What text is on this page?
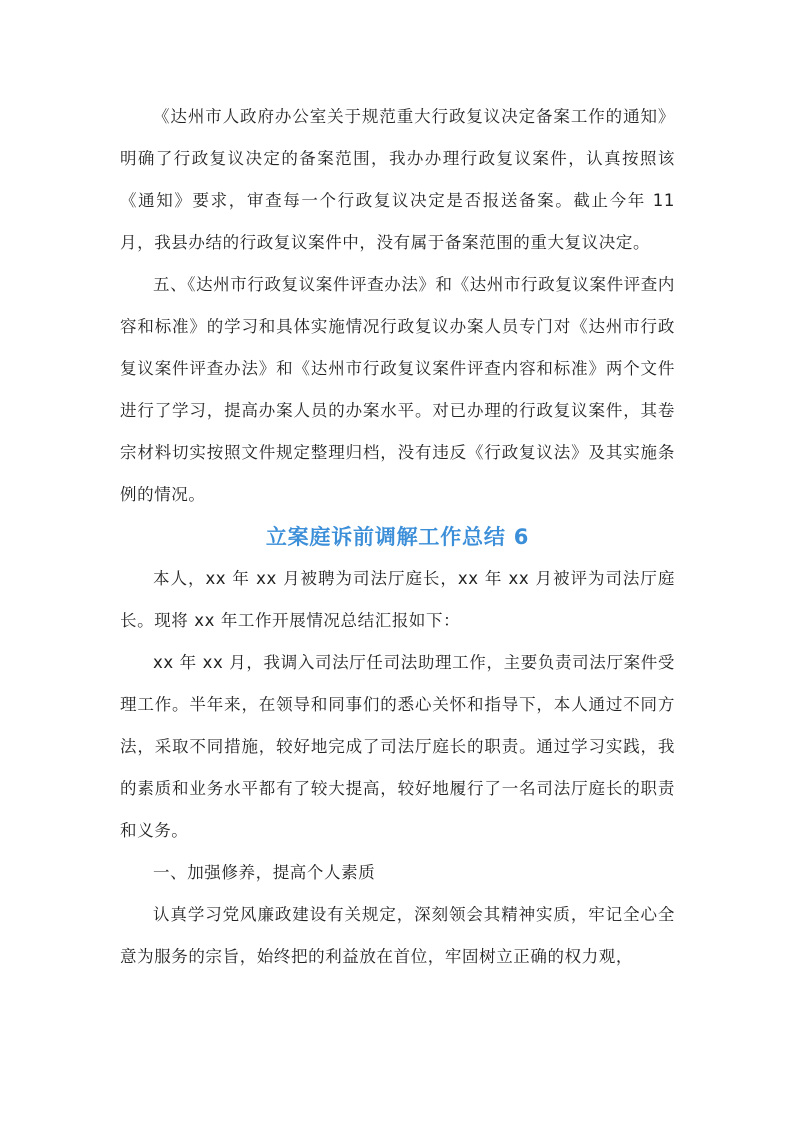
《达州市人政府办公室关于规范重大行政复议决定备案工作的通知》明确了行政复议决定的备案范围，我办办理行政复议案件，认真按照该《通知》要求，审查每一个行政复议决定是否报送备案。截止今年 11 月，我县办结的行政复议案件中，没有属于备案范围的重大复议决定。

五、《达州市行政复议案件评查办法》和《达州市行政复议案件评查内容和标准》的学习和具体实施情况行政复议办案人员专门对《达州市行政复议案件评查办法》和《达州市行政复议案件评查内容和标准》两个文件进行了学习，提高办案人员的办案水平。对已办理的行政复议案件，其卷宗材料切实按照文件规定整理归档，没有违反《行政复议法》及其实施条例的情况。

立案庭诉前调解工作总结 6

本人，xx 年 xx 月被聘为司法厅庭长，xx 年 xx 月被评为司法厅庭长。现将 xx 年工作开展情况总结汇报如下：

xx 年 xx 月，我调入司法厅任司法助理工作，主要负责司法厅案件受理工作。半年来，在领导和同事们的悉心关怀和指导下，本人通过不同方法，采取不同措施，较好地完成了司法厅庭长的职责。通过学习实践，我的素质和业务水平都有了较大提高，较好地履行了一名司法厅庭长的职责和义务。

一、加强修养，提高个人素质

认真学习党风廉政建设有关规定，深刻领会其精神实质，牢记全心全意为服务的宗旨，始终把的利益放在首位，牢固树立正确的权力观，
